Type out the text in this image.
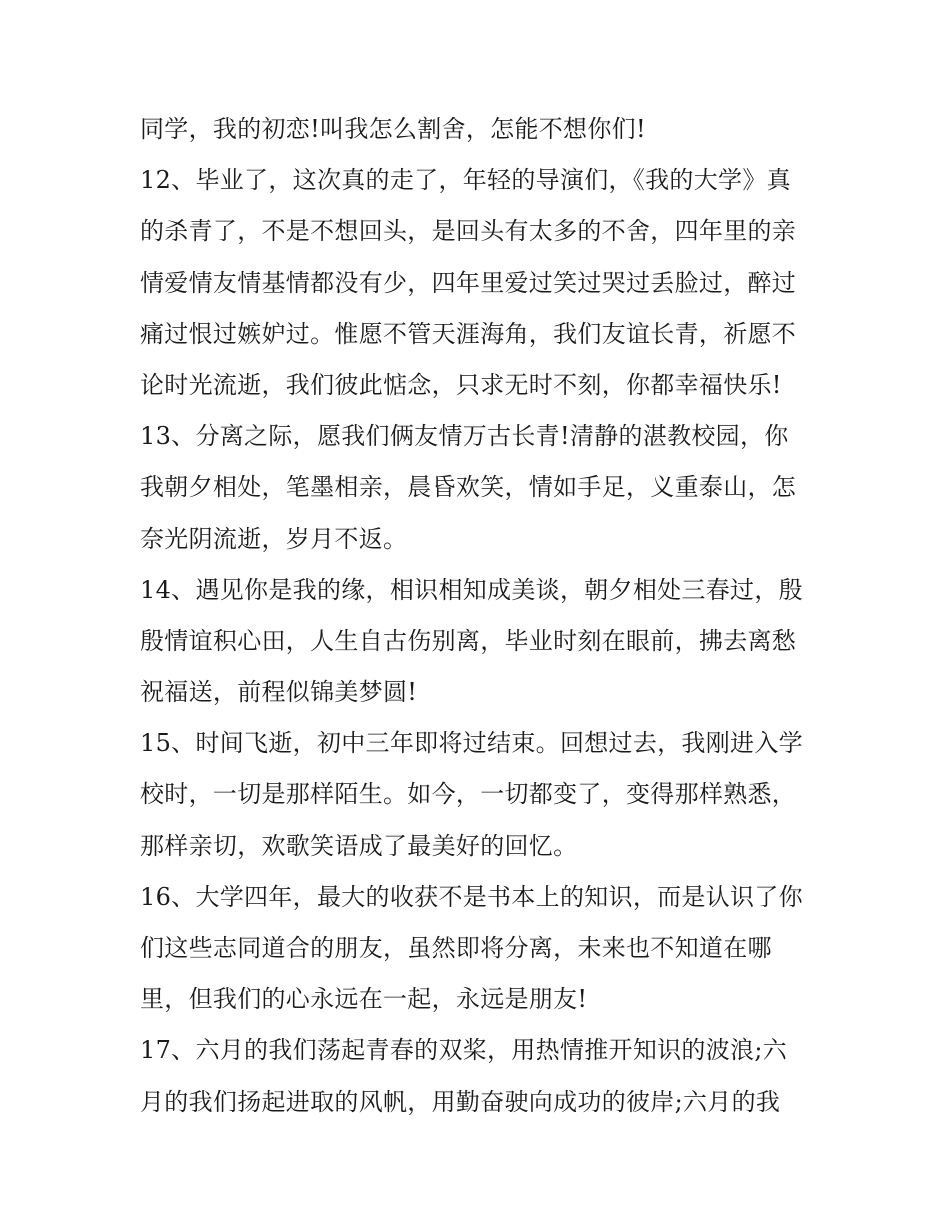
同学，我的初恋!叫我怎么割舍，怎能不想你们!
12、毕业了，这次真的走了，年轻的导演们，《我的大学》真
的杀青了，不是不想回头，是回头有太多的不舍，四年里的亲
情爱情友情基情都没有少，四年里爱过笑过哭过丢脸过，醉过
痛过恨过嫉妒过。惟愿不管天涯海角，我们友谊长青，祈愿不
论时光流逝，我们彼此惦念，只求无时不刻，你都幸福快乐!
13、分离之际，愿我们俩友情万古长青!清静的湛教校园，你
我朝夕相处，笔墨相亲，晨昏欢笑，情如手足，义重泰山，怎
奈光阴流逝，岁月不返。
14、遇见你是我的缘，相识相知成美谈，朝夕相处三春过，殷
殷情谊积心田，人生自古伤别离，毕业时刻在眼前，拂去离愁
祝福送，前程似锦美梦圆!
15、时间飞逝，初中三年即将过结束。回想过去，我刚进入学
校时，一切是那样陌生。如今，一切都变了，变得那样熟悉，
那样亲切，欢歌笑语成了最美好的回忆。
16、大学四年，最大的收获不是书本上的知识，而是认识了你
们这些志同道合的朋友，虽然即将分离，未来也不知道在哪
里，但我们的心永远在一起，永远是朋友!
17、六月的我们荡起青春的双桨，用热情推开知识的波浪;六
月的我们扬起进取的风帆，用勤奋驶向成功的彼岸;六月的我
